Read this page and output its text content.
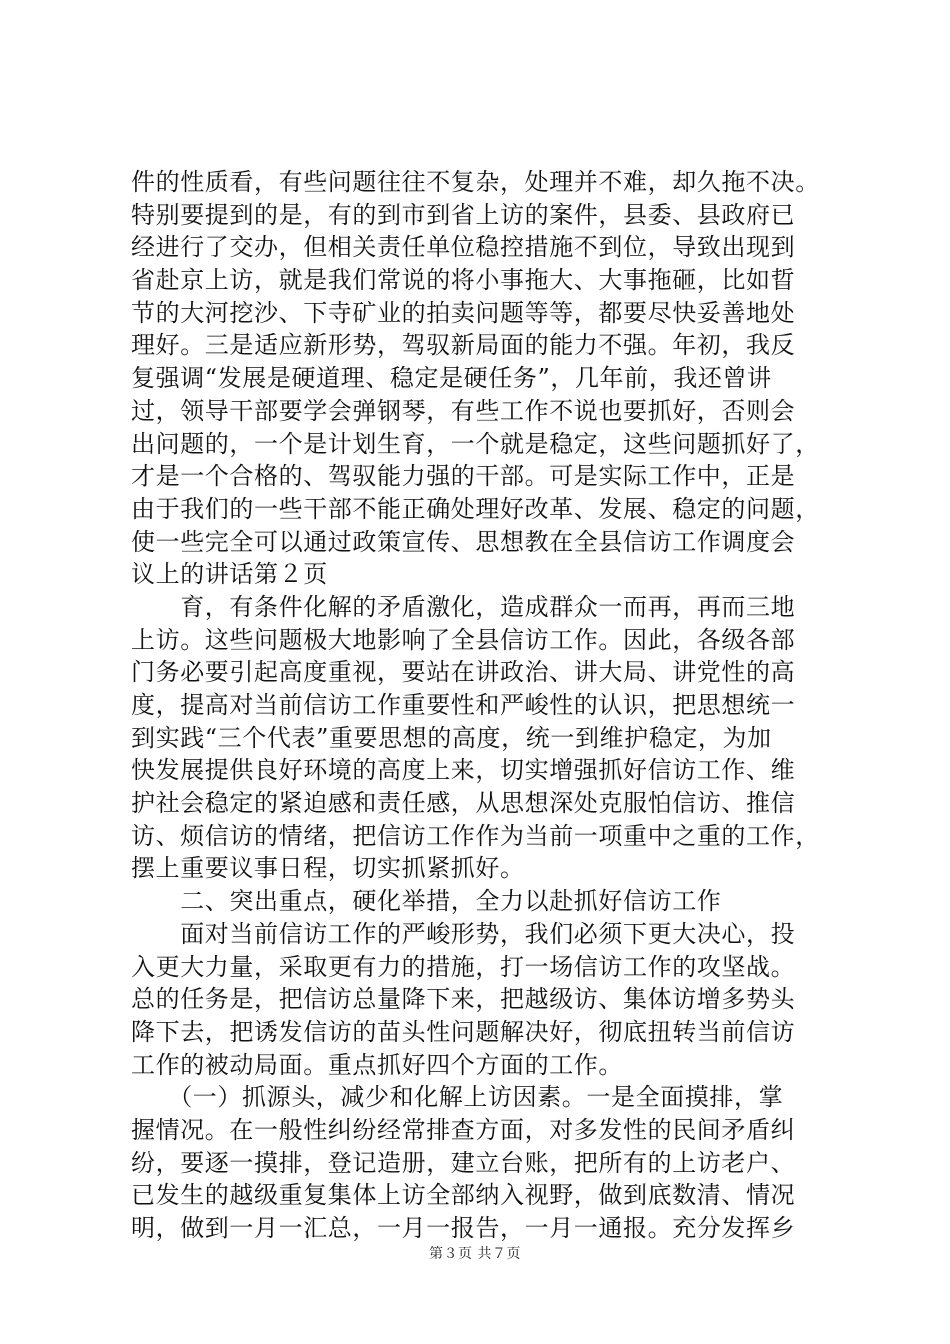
件的性质看，有些问题往往不复杂，处理并不难，却久拖不决。
特别要提到的是，有的到市到省上访的案件，县委、县政府已
经进行了交办，但相关责任单位稳控措施不到位，导致出现到
省赴京上访，就是我们常说的将小事拖大、大事拖砸，比如晢
节的大河挖沙、下寺矿业的拍卖问题等等，都要尽快妥善地处
理好。三是适应新形势，驾驭新局面的能力不强。年初，我反
复强调“发展是硬道理、稳定是硬任务”，几年前，我还曾讲
过，领导干部要学会弹钢琴，有些工作不说也要抓好，否则会
出问题的，一个是计划生育，一个就是稳定，这些问题抓好了，
才是一个合格的、驾驭能力强的干部。可是实际工作中，正是
由于我们的一些干部不能正确处理好改革、发展、稳定的问题，
使一些完全可以通过政策宣传、思想教在全县信访工作调度会
议上的讲话第２页
　　育，有条件化解的矛盾激化，造成群众一而再，再而三地
上访。这些问题极大地影响了全县信访工作。因此，各级各部
门务必要引起高度重视，要站在讲政治、讲大局、讲党性的高
度，提高对当前信访工作重要性和严峻性的认识，把思想统一
到实践“三个代表”重要思想的高度，统一到维护稳定，为加
快发展提供良好环境的高度上来，切实增强抓好信访工作、维
护社会稳定的紧迫感和责任感，从思想深处克服怕信访、推信
访、烦信访的情绪，把信访工作作为当前一项重中之重的工作，
摆上重要议事日程，切实抓紧抓好。
　　二、突出重点，硬化举措，全力以赴抓好信访工作
　　面对当前信访工作的严峻形势，我们必须下更大决心，投
入更大力量，采取更有力的措施，打一场信访工作的攻坚战。
总的任务是，把信访总量降下来，把越级访、集体访增多势头
降下去，把诱发信访的苗头性问题解决好，彻底扭转当前信访
工作的被动局面。重点抓好四个方面的工作。
　　（一）抓源头，减少和化解上访因素。一是全面摸排，掌
握情况。在一般性纠纷经常排查方面，对多发性的民间矛盾纠
纷，要逐一摸排，登记造册，建立台账，把所有的上访老户、
已发生的越级重复集体上访全部纳入视野，做到底数清、情况
明，做到一月一汇总，一月一报告，一月一通报。充分发挥乡
第３页 共７页
